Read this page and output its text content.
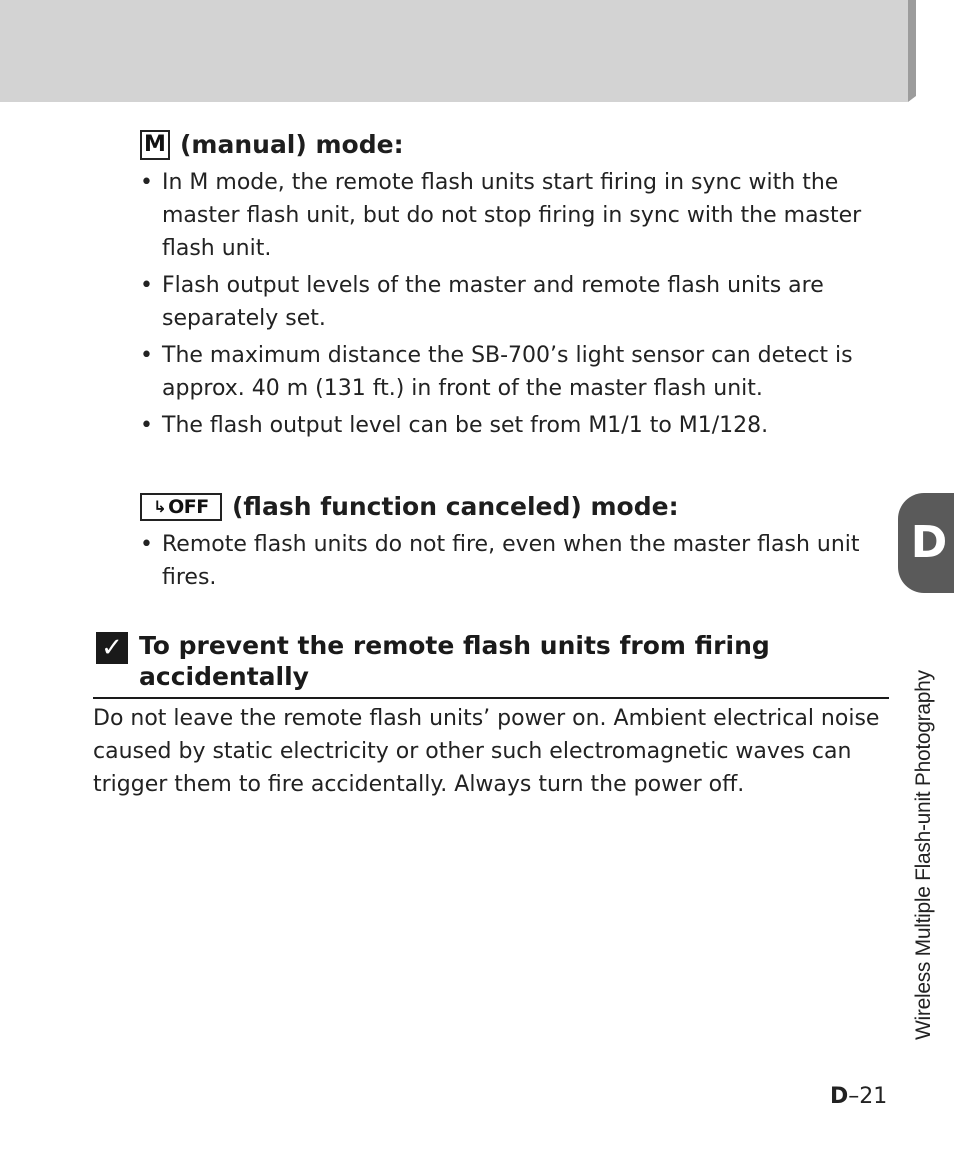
M (manual) mode:
• In M mode, the remote flash units start firing in sync with the master flash unit, but do not stop firing in sync with the master flash unit.
• Flash output levels of the master and remote flash units are separately set.
• The maximum distance the SB-700’s light sensor can detect is approx. 40 m (131 ft.) in front of the master flash unit.
• The flash output level can be set from M1/1 to M1/128.
↳ OFF (flash function canceled) mode:
• Remote flash units do not fire, even when the master flash unit fires.
✓ To prevent the remote flash units from firing accidentally

Do not leave the remote flash units’ power on. Ambient electrical noise caused by static electricity or other such electromagnetic waves can trigger them to fire accidentally. Always turn the power off.

D
Wireless Multiple Flash-unit Photography
D–21
